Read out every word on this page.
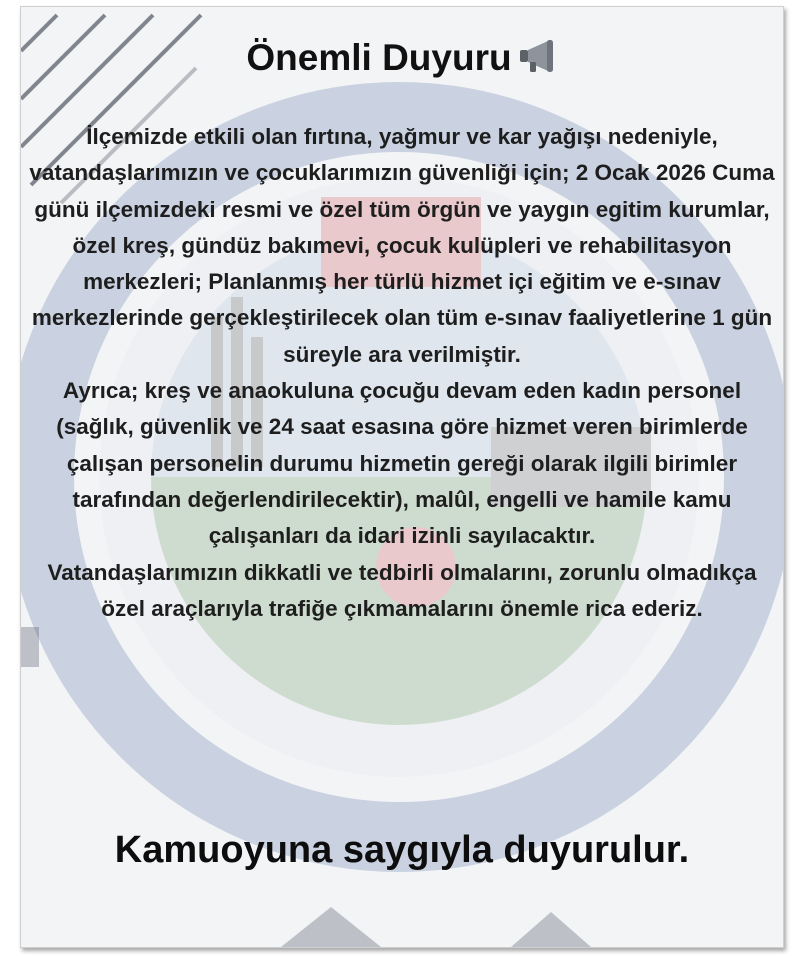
Önemli Duyuru

İlçemizde etkili olan fırtına, yağmur ve kar yağışı nedeniyle, vatandaşlarımızın ve çocuklarımızın güvenliği için; 2 Ocak 2026 Cuma günü ilçemizdeki resmi ve özel tüm örgün ve yaygın egitim kurumlar, özel kreş, gündüz bakımevi, çocuk kulüpleri ve rehabilitasyon merkezleri; Planlanmış her türlü hizmet içi eğitim ve e-sınav merkezlerinde gerçekleştirilecek olan tüm e-sınav faaliyetlerine 1 gün süreyle ara verilmiştir.

Ayrıca; kreş ve anaokuluna çocuğu devam eden kadın personel (sağlık, güvenlik ve 24 saat esasına göre hizmet veren birimlerde çalışan personelin durumu hizmetin gereği olarak ilgili birimler tarafından değerlendirilecektir), malûl, engelli ve hamile kamu çalışanları da idari izinli sayılacaktır.

Vatandaşlarımızın dikkatli ve tedbirli olmalarını, zorunlu olmadıkça özel araçlarıyla trafiğe çıkmamalarını önemle rica ederiz.

Kamuoyuna saygıyla duyurulur.
